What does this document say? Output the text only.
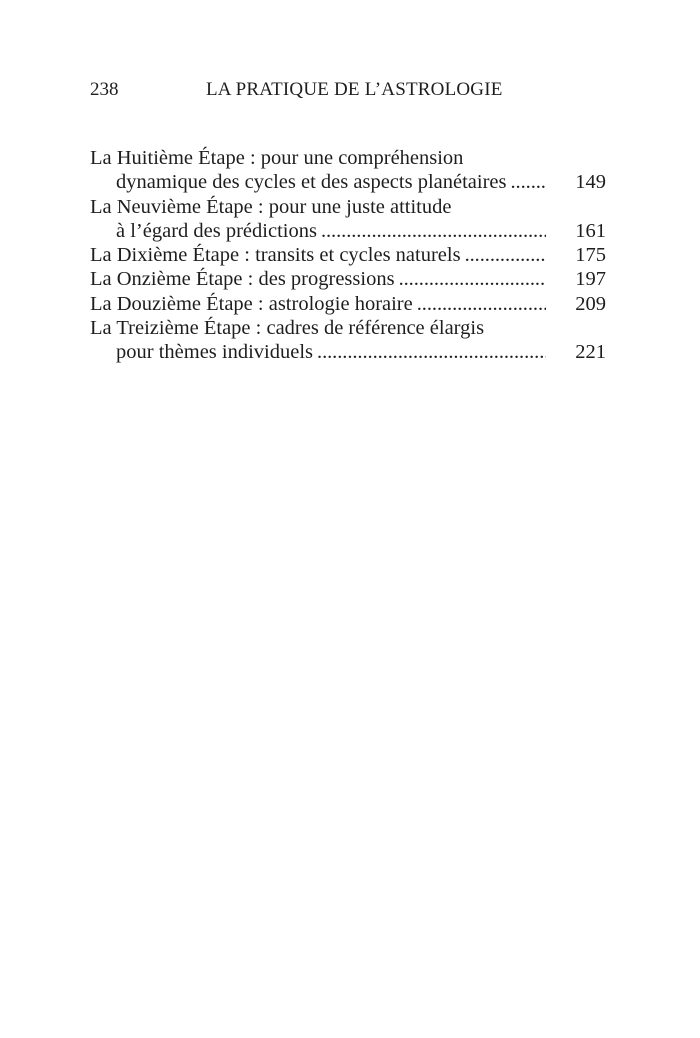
238	LA PRATIQUE DE L’ASTROLOGIE
La Huitième Étape : pour une compréhension
dynamique des cycles et des aspects planétaires . . .	149
La Neuvième Étape : pour une juste attitude
à l’égard des prédictions . . .	161
La Dixième Étape : transits et cycles naturels . . .	175
La Onzième Étape : des progressions . . .	197
La Douzième Étape : astrologie horaire . . .	209
La Treizième Étape : cadres de référence élargis
pour thèmes individuels . . .	221
